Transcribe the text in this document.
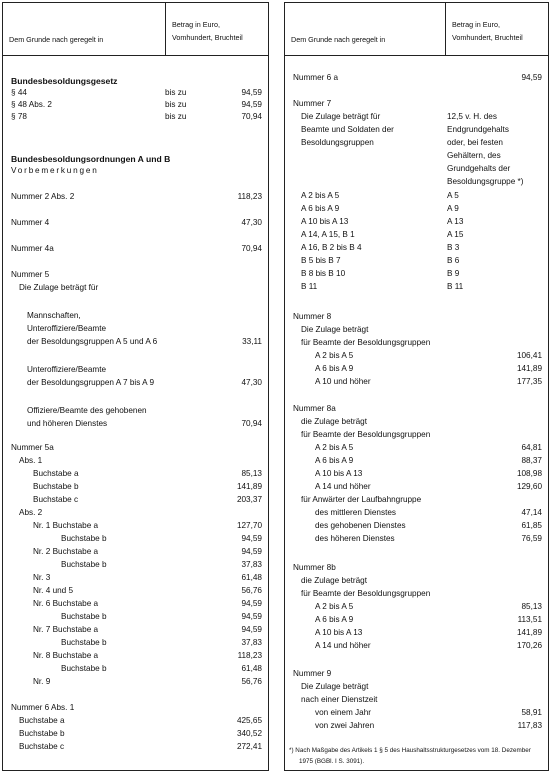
Dem Grunde nach geregelt in
Betrag in Euro,
Vomhundert, Bruchteil
Bundesbesoldungsgesetz
§ 44	bis zu	94,59
§ 48 Abs. 2	bis zu	94,59
§ 78	bis zu	70,94
Bundesbesoldungsordnungen A und B
Vorbemerkungen
Nummer 2 Abs. 2	118,23
Nummer 4	47,30
Nummer 4a	70,94
Nummer 5
Die Zulage beträgt für
Mannschaften,
Unteroffiziere/Beamte
der Besoldungsgruppen A 5 und A 6	33,11
Unteroffiziere/Beamte
der Besoldungsgruppen A 7 bis A 9	47,30
Offiziere/Beamte des gehobenen
und höheren Dienstes	70,94
Nummer 5a
Abs. 1
Buchstabe a	85,13
Buchstabe b	141,89
Buchstabe c	203,37
Abs. 2
Nr. 1 Buchstabe a	127,70
Buchstabe b	94,59
Nr. 2 Buchstabe a	94,59
Buchstabe b	37,83
Nr. 3	61,48
Nr. 4 und 5	56,76
Nr. 6 Buchstabe a	94,59
Buchstabe b	94,59
Nr. 7 Buchstabe a	94,59
Buchstabe b	37,83
Nr. 8 Buchstabe a	118,23
Buchstabe b	61,48
Nr. 9	56,76
Nummer 6 Abs. 1
Buchstabe a	425,65
Buchstabe b	340,52
Buchstabe c	272,41
Dem Grunde nach geregelt in
Betrag in Euro,
Vomhundert, Bruchteil
Nummer 6 a	94,59
Nummer 7
Die Zulage beträgt für	12,5 v. H. des
Beamte und Soldaten der	Endgrundgehalts
Besoldungsgruppen	oder, bei festen
Gehältern, des
Grundgehalts der
Besoldungsgruppe *)
A 2 bis A 5	A 5
A 6 bis A 9	A 9
A 10 bis A 13	A 13
A 14, A 15, B 1	A 15
A 16, B 2 bis B 4	B 3
B 5 bis B 7	B 6
B 8 bis B 10	B 9
B 11	B 11
Nummer 8
Die Zulage beträgt
für Beamte der Besoldungsgruppen
A 2 bis A 5	106,41
A 6 bis A 9	141,89
A 10 und höher	177,35
Nummer 8a
die Zulage beträgt
für Beamte der Besoldungsgruppen
A 2 bis A 5	64,81
A 6 bis A 9	88,37
A 10 bis A 13	108,98
A 14 und höher	129,60
für Anwärter der Laufbahngruppe
des mittleren Dienstes	47,14
des gehobenen Dienstes	61,85
des höheren Dienstes	76,59
Nummer 8b
die Zulage beträgt
für Beamte der Besoldungsgruppen
A 2 bis A 5	85,13
A 6 bis A 9	113,51
A 10 bis A 13	141,89
A 14 und höher	170,26
Nummer 9
Die Zulage beträgt
nach einer Dienstzeit
von einem Jahr	58,91
von zwei Jahren	117,83
*) Nach Maßgabe des Artikels 1 § 5 des Haushaltsstrukturgesetzes vom 18. Dezember
1975 (BGBl. I S. 3091).
